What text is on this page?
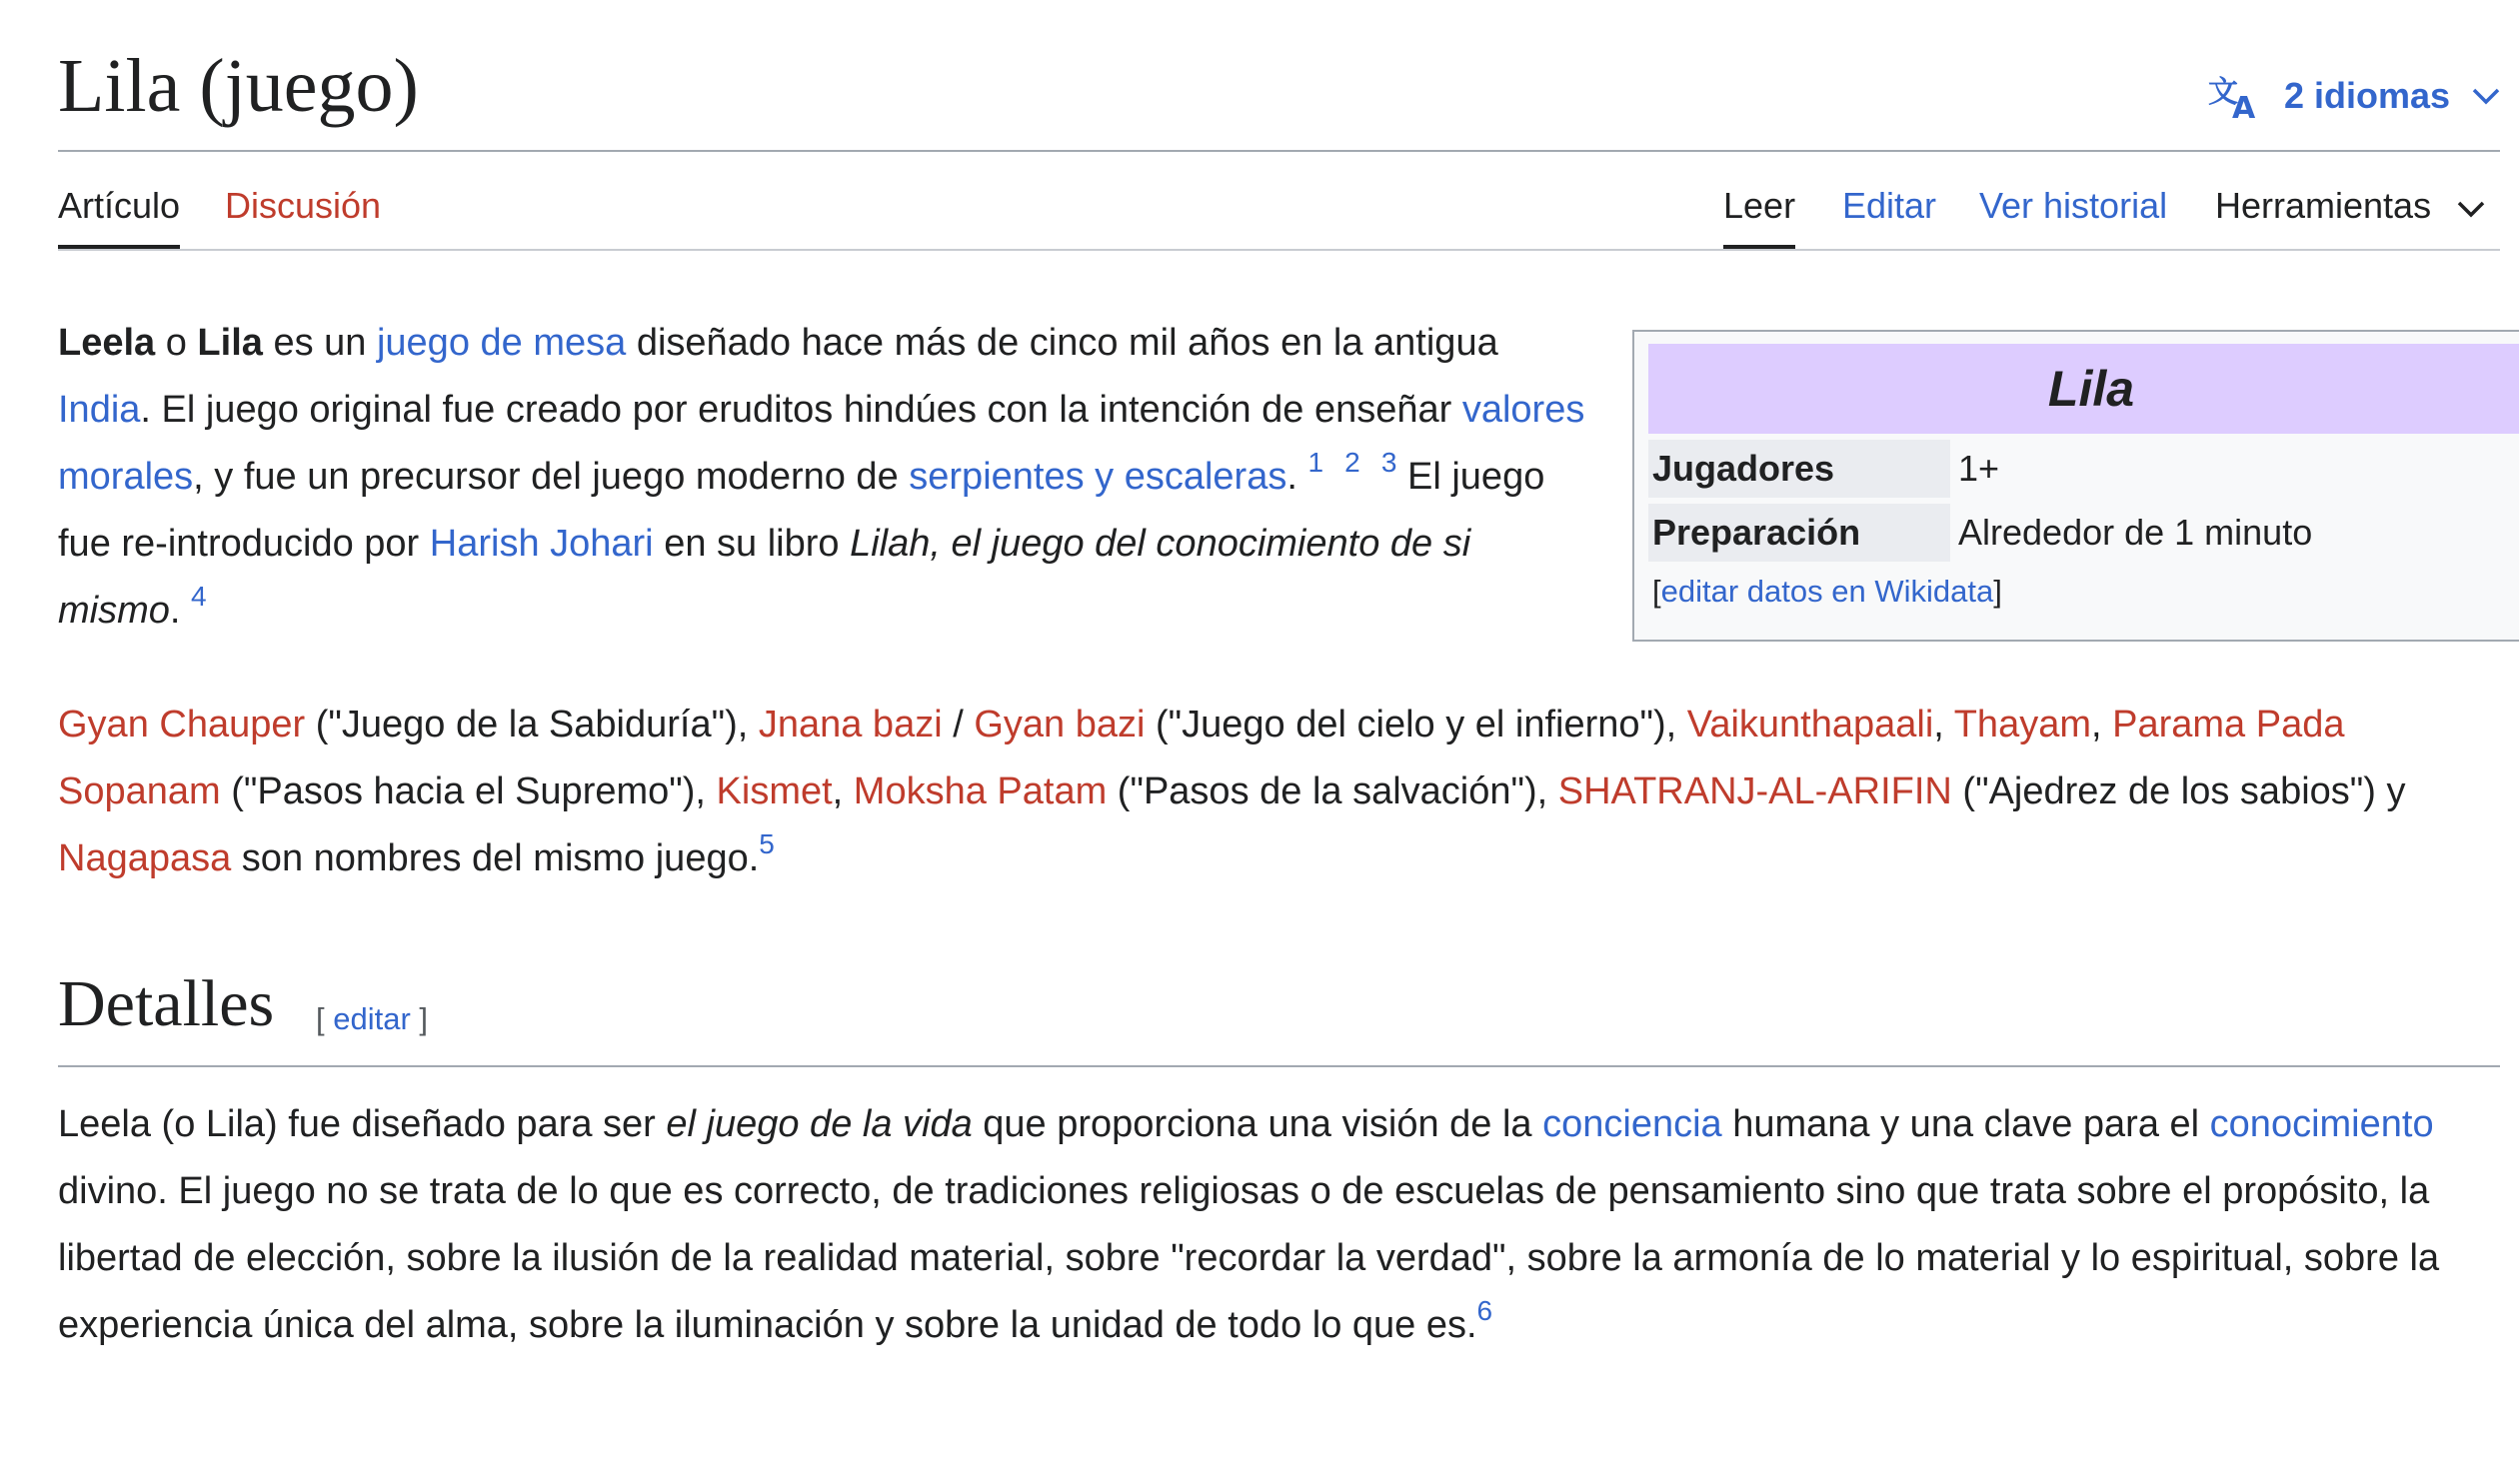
Lila (juego)	文
A 2 idiomas
Artículo Discusión	Leer Editar Ver historial Herramientas
Leela o Lila es un juego de mesa diseñado hace más de cinco mil años en la antigua India. El juego original fue creado por eruditos hindúes con la intención de enseñar valores morales, y fue un precursor del juego moderno de serpientes y escaleras. $^1$ $^2$ $^3$ El juego fue re-introducido por Harish Johari en su libro Lilah, el juego del conocimiento de si mismo. $^4$
Lila
Jugadores	1+
Preparación	Alrededor de 1 minuto
[editar datos en Wikidata]
Gyan Chauper ("Juego de la Sabiduría"), Jnana bazi / Gyan bazi ("Juego del cielo y el infierno"), Vaikunthapaali, Thayam, Parama Pada Sopanam ("Pasos hacia el Supremo"), Kismet, Moksha Patam ("Pasos de la salvación"), SHATRANJ-AL-ARIFIN ("Ajedrez de los sabios") y Nagapasa son nombres del mismo juego.$^5$
Detalles [ editar ]
Leela (o Lila) fue diseñado para ser el juego de la vida que proporciona una visión de la conciencia humana y una clave para el conocimiento divino. El juego no se trata de lo que es correcto, de tradiciones religiosas o de escuelas de pensamiento sino que trata sobre el propósito, la libertad de elección, sobre la ilusión de la realidad material, sobre "recordar la verdad", sobre la armonía de lo material y lo espiritual, sobre la experiencia única del alma, sobre la iluminación y sobre la unidad de todo lo que es.$^6$
